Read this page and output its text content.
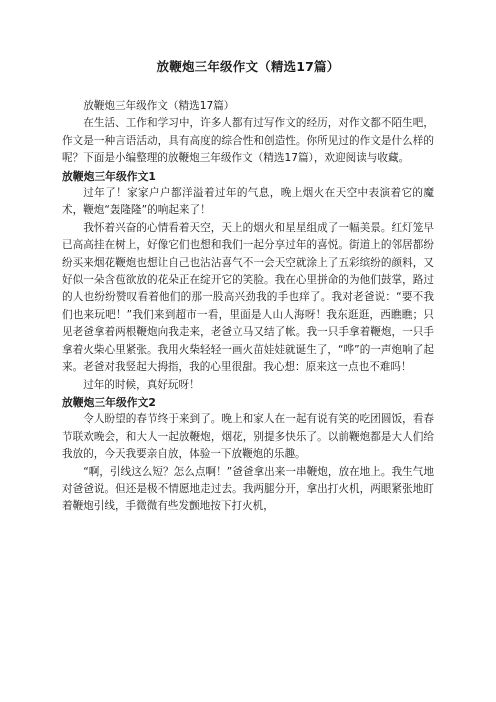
放鞭炮三年级作文（精选17篇）

放鞭炮三年级作文（精选17篇）

在生活、工作和学习中，许多人都有过写作文的经历，对作文都不陌生吧，作文是一种言语活动，具有高度的综合性和创造性。你所见过的作文是什么样的呢？下面是小编整理的放鞭炮三年级作文（精选17篇），欢迎阅读与收藏。

放鞭炮三年级作文1

过年了！家家户户都洋溢着过年的气息，晚上烟火在天空中表演着它的魔术，鞭炮“轰隆隆”的响起来了！

我怀着兴奋的心情看着天空，天上的烟火和星星组成了一幅美景。红灯笼早已高高挂在树上，好像它们也想和我们一起分享过年的喜悦。街道上的邻居都纷纷买来烟花鞭炮也想让自己也沾沾喜气不一会天空就涂上了五彩缤纷的颜料，又好似一朵含苞欲放的花朵正在绽开它的笑脸。我在心里拼命的为他们鼓掌，路过的人也纷纷赞叹看着他们的那一股高兴劲我的手也痒了。我对老爸说：“要不我们也来玩吧！”我们来到超市一看，里面是人山人海呀！我东逛逛，西瞧瞧；只见老爸拿着两根鞭炮向我走来，老爸立马又结了帐。我一只手拿着鞭炮，一只手拿着火柴心里紧张。我用火柴轻轻一画火苗娃娃就诞生了，“哗”的一声炮响了起来。老爸对我竖起大拇指，我的心里很甜。我心想：原来这一点也不难吗！

过年的时候，真好玩呀！

放鞭炮三年级作文2

令人盼望的春节终于来到了。晚上和家人在一起有说有笑的吃团圆饭，看春节联欢晚会，和大人一起放鞭炮，烟花，别提多快乐了。以前鞭炮都是大人们给我放的，今天我要亲自放，体验一下放鞭炮的乐趣。

“啊，引线这么短？怎么点啊！”爸爸拿出来一串鞭炮，放在地上。我生气地对爸爸说。但还是极不情愿地走过去。我两腿分开，拿出打火机，两眼紧张地盯着鞭炮引线，手微微有些发颤地按下打火机，
